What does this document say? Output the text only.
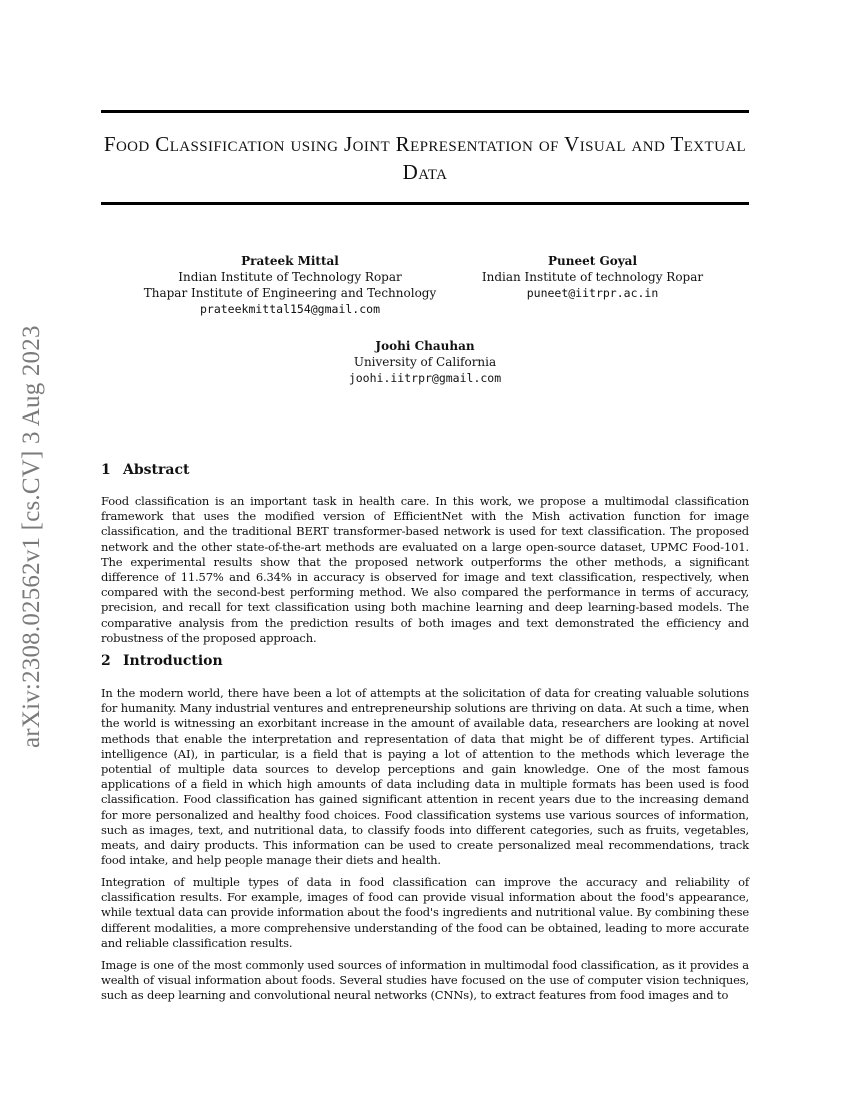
arXiv:2308.02562v1 [cs.CV] 3 Aug 2023
Food Classification using Joint Representation of Visual and Textual Data
Prateek Mittal
Indian Institute of Technology Ropar
Thapar Institute of Engineering and Technology
prateekmittal154@gmail.com
Puneet Goyal
Indian Institute of technology Ropar
puneet@iitrpr.ac.in
Joohi Chauhan
University of California
joohi.iitrpr@gmail.com
1 Abstract

Food classification is an important task in health care. In this work, we propose a multimodal classification framework that uses the modified version of EfficientNet with the Mish activation function for image classification, and the traditional BERT transformer-based network is used for text classification. The proposed network and the other state-of-the-art methods are evaluated on a large open-source dataset, UPMC Food-101. The experimental results show that the proposed network outperforms the other methods, a significant difference of 11.57% and 6.34% in accuracy is observed for image and text classification, respectively, when compared with the second-best performing method. We also compared the performance in terms of accuracy, precision, and recall for text classification using both machine learning and deep learning-based models. The comparative analysis from the prediction results of both images and text demonstrated the efficiency and robustness of the proposed approach.

2 Introduction

In the modern world, there have been a lot of attempts at the solicitation of data for creating valuable solutions for humanity. Many industrial ventures and entrepreneurship solutions are thriving on data. At such a time, when the world is witnessing an exorbitant increase in the amount of available data, researchers are looking at novel methods that enable the interpretation and representation of data that might be of different types. Artificial intelligence (AI), in particular, is a field that is paying a lot of attention to the methods which leverage the potential of multiple data sources to develop perceptions and gain knowledge. One of the most famous applications of a field in which high amounts of data including data in multiple formats has been used is food classification. Food classification has gained significant attention in recent years due to the increasing demand for more personalized and healthy food choices. Food classification systems use various sources of information, such as images, text, and nutritional data, to classify foods into different categories, such as fruits, vegetables, meats, and dairy products. This information can be used to create personalized meal recommendations, track food intake, and help people manage their diets and health.

Integration of multiple types of data in food classification can improve the accuracy and reliability of classification results. For example, images of food can provide visual information about the food's appearance, while textual data can provide information about the food's ingredients and nutritional value. By combining these different modalities, a more comprehensive understanding of the food can be obtained, leading to more accurate and reliable classification results.

Image is one of the most commonly used sources of information in multimodal food classification, as it provides a wealth of visual information about foods. Several studies have focused on the use of computer vision techniques, such as deep learning and convolutional neural networks (CNNs), to extract features from food images and to
